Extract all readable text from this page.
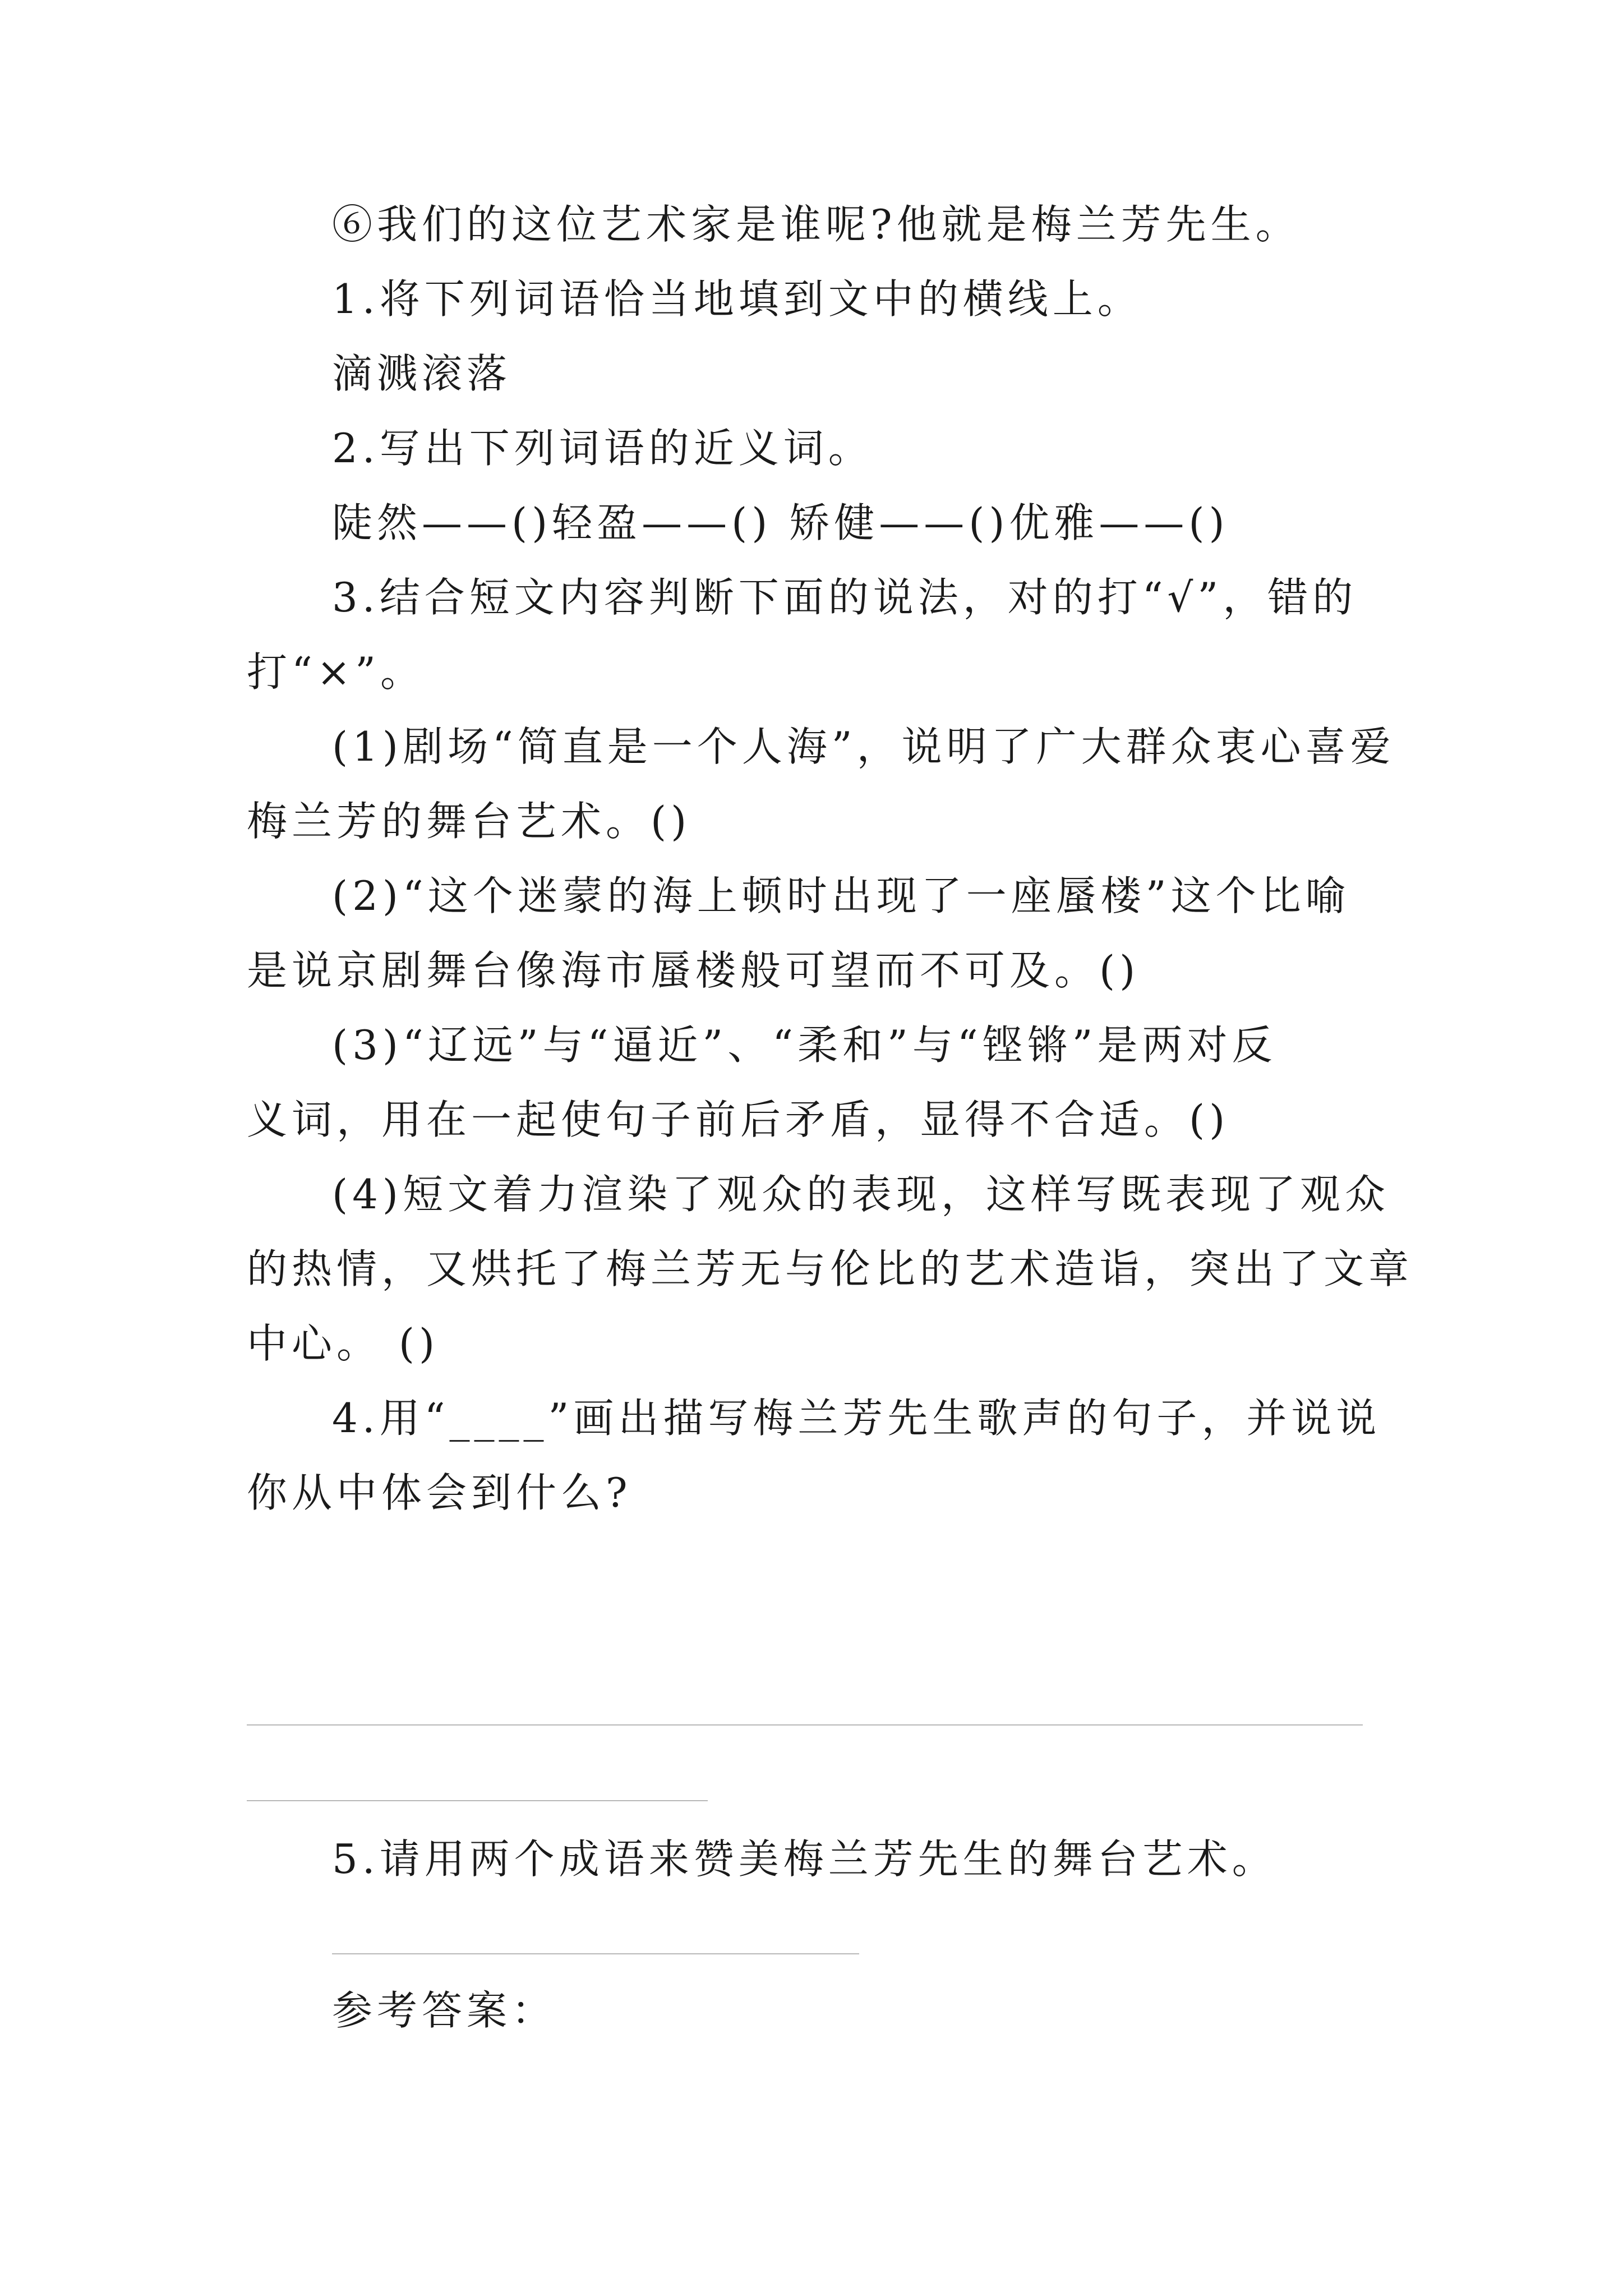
⑥我们的这位艺术家是谁呢?他就是梅兰芳先生。
1.将下列词语恰当地填到文中的横线上。
滴溅滚落
2.写出下列词语的近义词。
陡然——()轻盈——() 矫健——()优雅——()
3.结合短文内容判断下面的说法，对的打“√”，错的
打“×”。
(1)剧场“简直是一个人海”，说明了广大群众衷心喜爱
梅兰芳的舞台艺术。()
(2)“这个迷蒙的海上顿时出现了一座蜃楼”这个比喻
是说京剧舞台像海市蜃楼般可望而不可及。()
(3)“辽远”与“逼近”、“柔和”与“铿锵”是两对反
义词，用在一起使句子前后矛盾，显得不合适。()
(4)短文着力渲染了观众的表现，这样写既表现了观众
的热情，又烘托了梅兰芳无与伦比的艺术造诣，突出了文章
中心。 ()
4.用“____”画出描写梅兰芳先生歌声的句子，并说说
你从中体会到什么?
5.请用两个成语来赞美梅兰芳先生的舞台艺术。
参考答案：
